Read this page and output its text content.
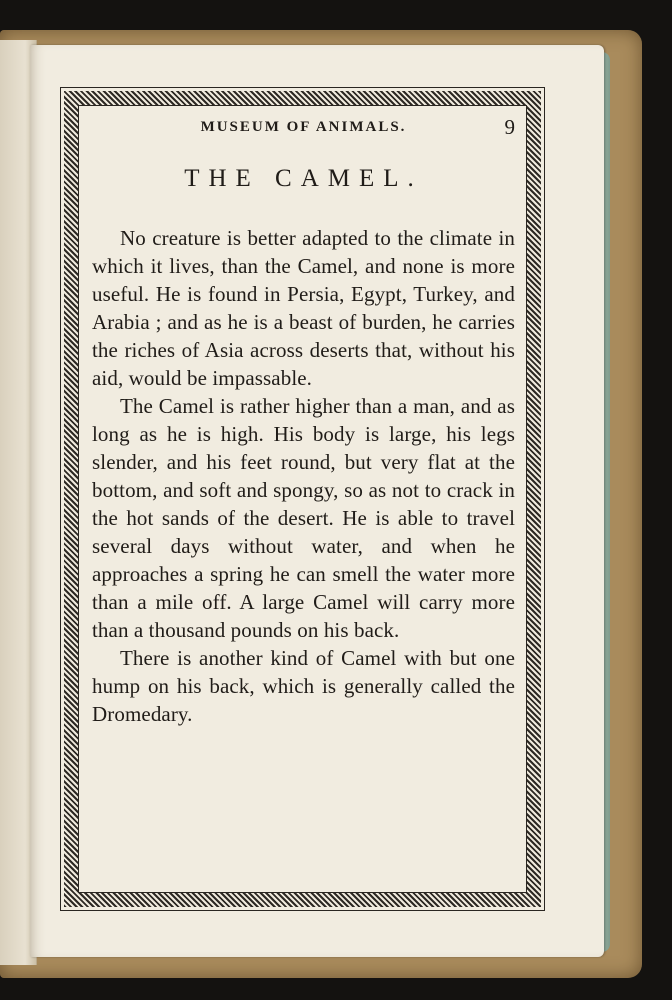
MUSEUM OF ANIMALS.	9
THE CAMEL.

No creature is better adapted to the climate in which it lives, than the Camel, and none is more useful. He is found in Persia, Egypt, Turkey, and Arabia ; and as he is a beast of burden, he carries the riches of Asia across deserts that, without his aid, would be impassable.

The Camel is rather higher than a man, and as long as he is high. His body is large, his legs slender, and his feet round, but very flat at the bottom, and soft and spongy, so as not to crack in the hot sands of the desert. He is able to travel several days without water, and when he approaches a spring he can smell the water more than a mile off. A large Camel will carry more than a thousand pounds on his back.

There is another kind of Camel with but one hump on his back, which is generally called the Dromedary.
